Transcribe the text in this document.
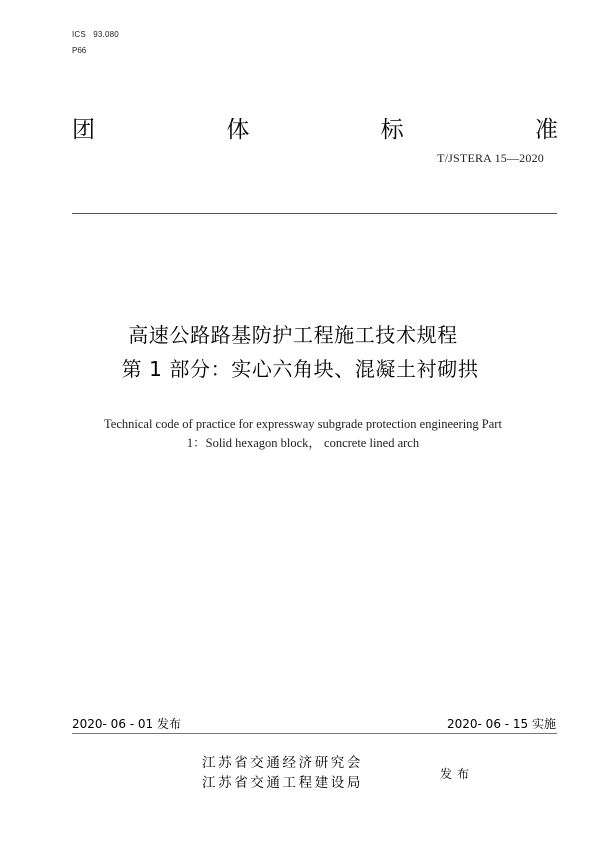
ICS 93.080
P66
团	体	标	准
T/JSTERA 15—2020
高速公路路基防护工程施工技术规程
第 1 部分：实心六角块、混凝土衬砌拱
Technical code of practice for expressway subgrade protection engineering Part
1：Solid hexagon block， concrete lined arch
2020- 06 - 01 发布	2020- 06 - 15 实施
江苏省交通经济研究会
江苏省交通工程建设局
发布
